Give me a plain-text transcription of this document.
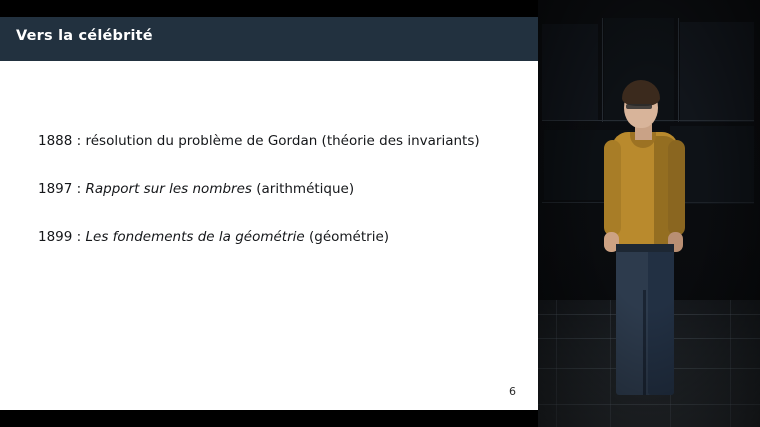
Vers la célébrité
1888 : résolution du problème de Gordan (théorie des invariants)
1897 : Rapport sur les nombres (arithmétique)
1899 : Les fondements de la géométrie (géométrie)
6
